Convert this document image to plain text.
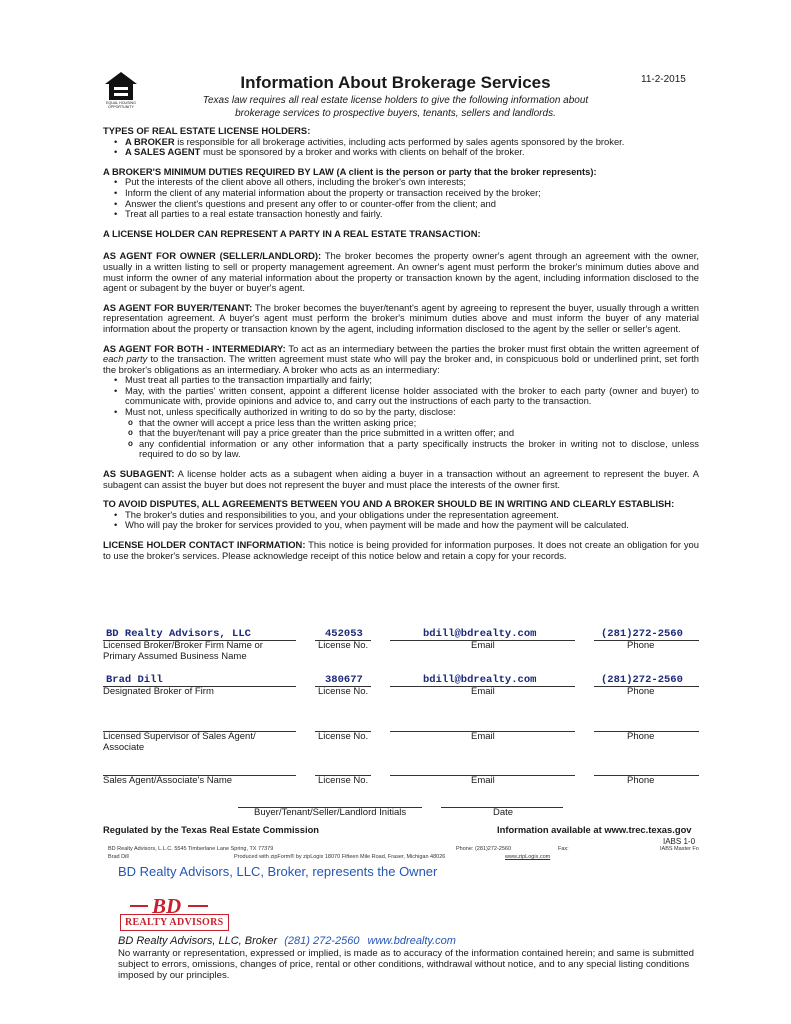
EQUAL HOUSING OPPORTUNITY
Information About Brokerage Services	11-2-2015
Texas law requires all real estate license holders to give the following information about
brokerage services to prospective buyers, tenants, sellers and landlords.

TYPES OF REAL ESTATE LICENSE HOLDERS:

• A BROKER is responsible for all brokerage activities, including acts performed by sales agents sponsored by the broker.
• A SALES AGENT must be sponsored by a broker and works with clients on behalf of the broker.

A BROKER'S MINIMUM DUTIES REQUIRED BY LAW (A client is the person or party that the broker represents):

• Put the interests of the client above all others, including the broker's own interests;
• Inform the client of any material information about the property or transaction received by the broker;
• Answer the client's questions and present any offer to or counter-offer from the client; and
• Treat all parties to a real estate transaction honestly and fairly.

A LICENSE HOLDER CAN REPRESENT A PARTY IN A REAL ESTATE TRANSACTION:

AS AGENT FOR OWNER (SELLER/LANDLORD): The broker becomes the property owner's agent through an agreement with the owner, usually in a written listing to sell or property management agreement. An owner's agent must perform the broker's minimum duties above and must inform the owner of any material information about the property or transaction known by the agent, including information disclosed to the agent or subagent by the buyer or buyer's agent.

AS AGENT FOR BUYER/TENANT: The broker becomes the buyer/tenant's agent by agreeing to represent the buyer, usually through a written representation agreement. A buyer's agent must perform the broker's minimum duties above and must inform the buyer of any material information about the property or transaction known by the agent, including information disclosed to the agent by the seller or seller's agent.

AS AGENT FOR BOTH - INTERMEDIARY: To act as an intermediary between the parties the broker must first obtain the written agreement of each party to the transaction. The written agreement must state who will pay the broker and, in conspicuous bold or underlined print, set forth the broker's obligations as an intermediary. A broker who acts as an intermediary:

• Must treat all parties to the transaction impartially and fairly;
• May, with the parties' written consent, appoint a different license holder associated with the broker to each party (owner and buyer) to communicate with, provide opinions and advice to, and carry out the instructions of each party to the transaction.
• Must not, unless specifically authorized in writing to do so by the party, disclose:
o that the owner will accept a price less than the written asking price;
o that the buyer/tenant will pay a price greater than the price submitted in a written offer; and
o any confidential information or any other information that a party specifically instructs the broker in writing not to disclose, unless required to do so by law.

AS SUBAGENT: A license holder acts as a subagent when aiding a buyer in a transaction without an agreement to represent the buyer. A subagent can assist the buyer but does not represent the buyer and must place the interests of the owner first.

TO AVOID DISPUTES, ALL AGREEMENTS BETWEEN YOU AND A BROKER SHOULD BE IN WRITING AND CLEARLY ESTABLISH:

• The broker's duties and responsibilities to you, and your obligations under the representation agreement.
• Who will pay the broker for services provided to you, when payment will be made and how the payment will be calculated.

LICENSE HOLDER CONTACT INFORMATION: This notice is being provided for information purposes. It does not create an obligation for you to use the broker's services. Please acknowledge receipt of this notice below and retain a copy for your records.

BD Realty Advisors, LLC	452053	bdill@bdrealty.com	(281)272-2560
Licensed Broker/Broker Firm Name or
Primary Assumed Business Name
License No.	Email	Phone
Brad Dill	380677	bdill@bdrealty.com	(281)272-2560
Designated Broker of Firm	License No.	Email	Phone
Licensed Supervisor of Sales Agent/
Associate
License No.	Email	Phone
Sales Agent/Associate's Name	License No.	Email	Phone
Buyer/Tenant/Seller/Landlord Initials	Date
Regulated by the Texas Real Estate Commission	Information available at www.trec.texas.gov
IABS 1-0
BD Realty Advisors, L.L.C. 5545 Timberlane Lane Spring, TX 77379	Phone: (281)272-2560	Fax:	IABS Master Fo
Brad Dill	Produced with zipForm® by zipLogix 18070 Fifteen Mile Road, Fraser, Michigan 48026	www.zipLogix.com
BD Realty Advisors, LLC, Broker, represents the Owner
BD
REALTY ADVISORS
BD Realty Advisors, LLC, Broker (281) 272-2560 www.bdrealty.com
No warranty or representation, expressed or implied, is made as to accuracy of the information contained herein; and same is submitted subject to errors, omissions, changes of price, rental or other conditions, withdrawal without notice, and to any special listing conditions imposed by our principles.
